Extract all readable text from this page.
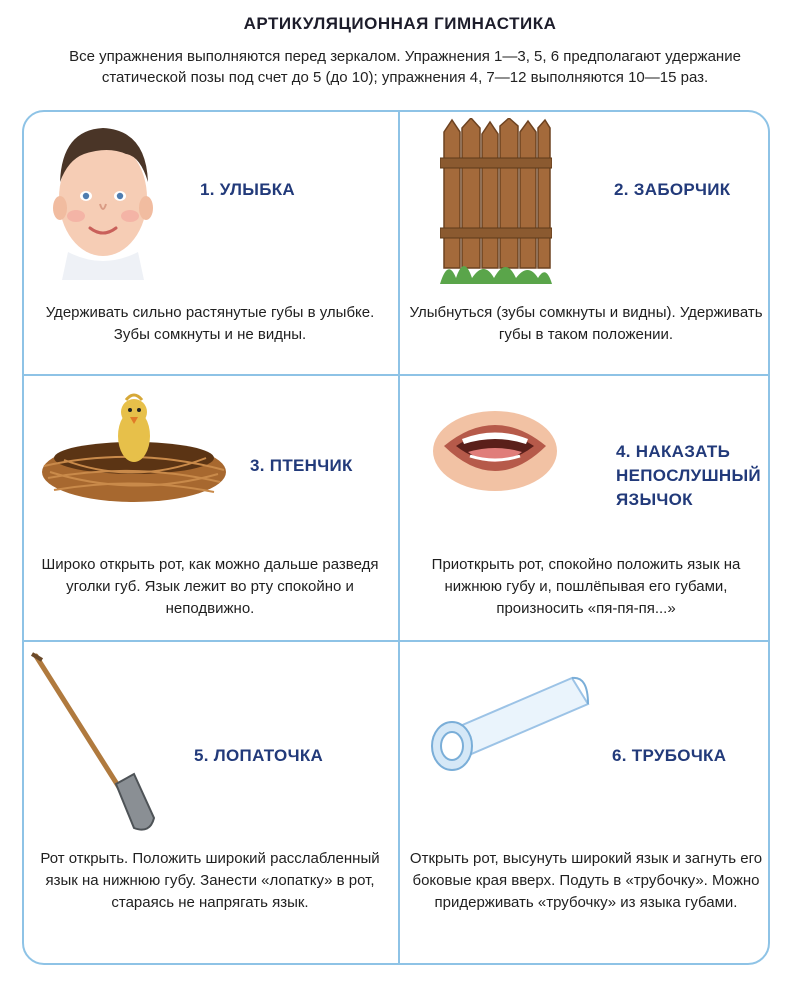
АРТИКУЛЯЦИОННАЯ ГИМНАСТИКА
Все упражнения выполняются перед зеркалом. Упражнения 1—3, 5, 6 предполагают удержание статической позы под счет до 5 (до 10); упражнения 4, 7—12 выполняются 10—15 раз.
1. УЛЫБКА
Удерживать сильно растянутые губы в улыбке. Зубы сомкнуты и не видны.
2. ЗАБОРЧИК
Улыбнуться (зубы сомкнуты и видны). Удерживать губы в таком положении.
3. ПТЕНЧИК
Широко открыть рот, как можно дальше разведя уголки губ. Язык лежит во рту спокойно и неподвижно.
4. НАКАЗАТЬ НЕПОСЛУШНЫЙ ЯЗЫЧОК
Приоткрыть рот, спокойно положить язык на нижнюю губу и, пошлёпывая его губами, произносить «пя-пя-пя...»
5. ЛОПАТОЧКА
Рот открыть. Положить широкий расслабленный язык на нижнюю губу. Занести «лопатку» в рот, стараясь не напрягать язык.
6. ТРУБОЧКА
Открыть рот, высунуть широкий язык и загнуть его боковые края вверх. Подуть в «трубочку». Можно придерживать «трубочку» из языка губами.
